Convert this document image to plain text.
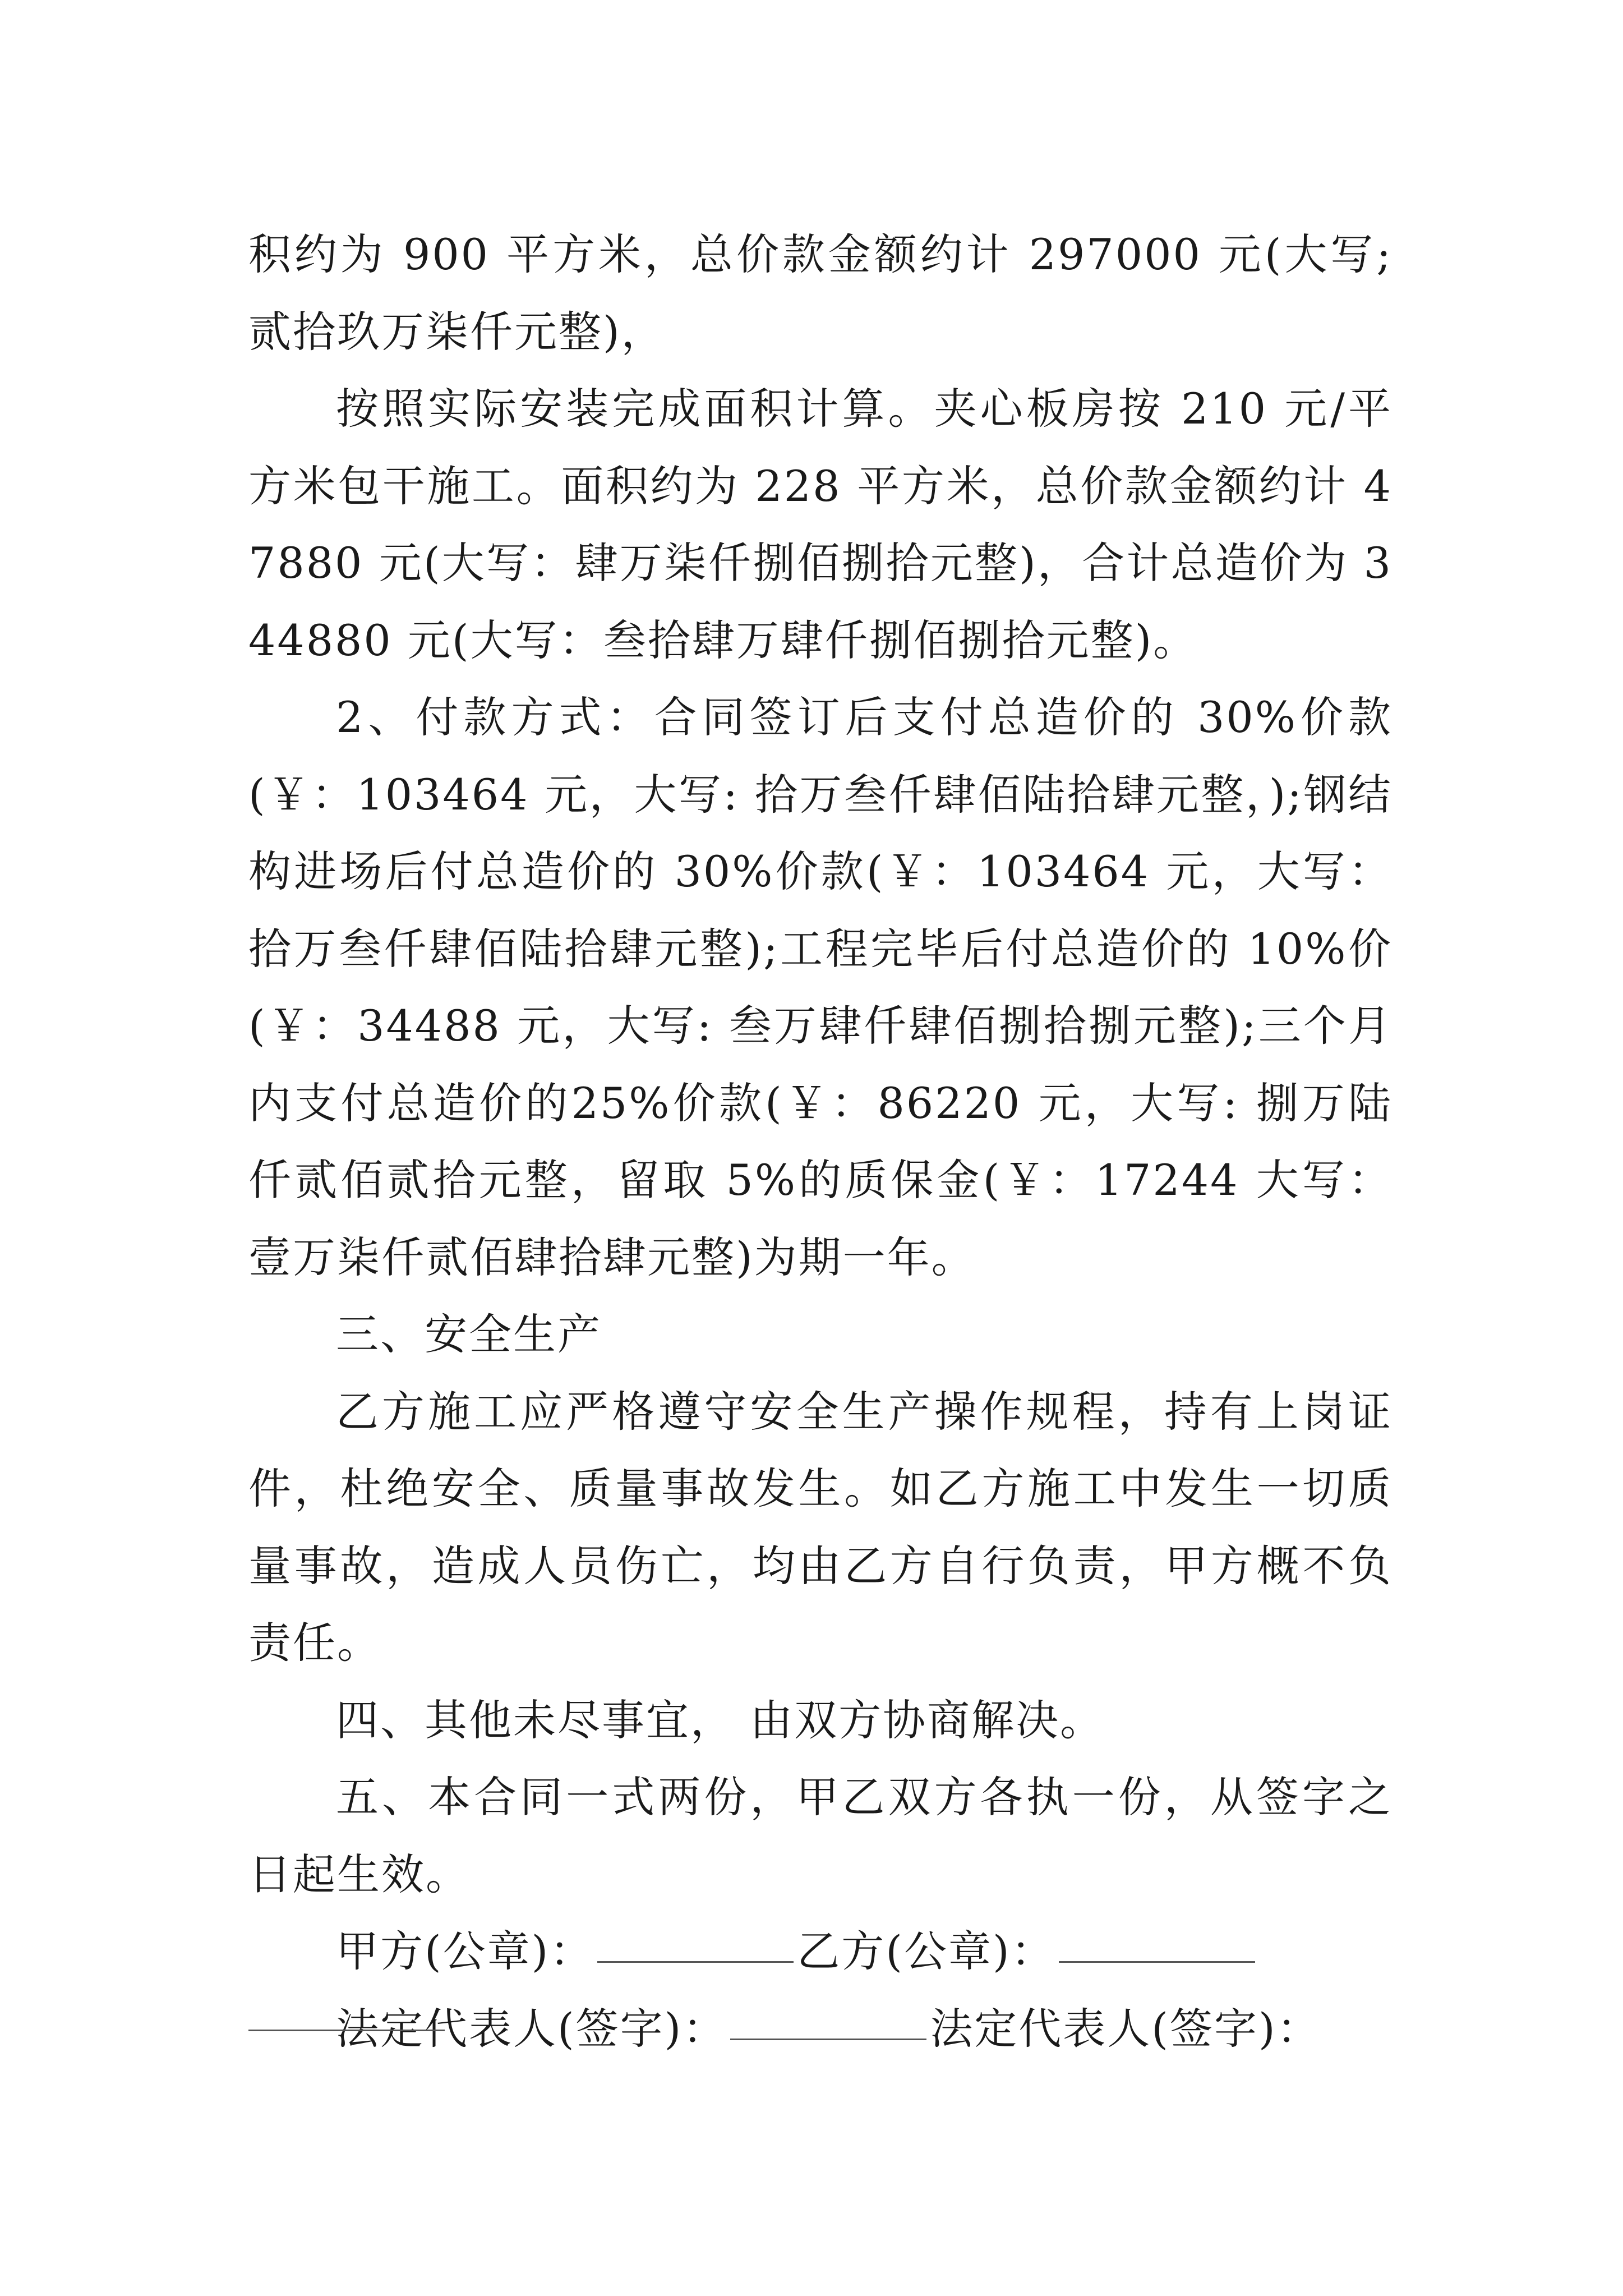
积约为 900 平方米，总价款金额约计 297000 元(大写;贰拾玖万柒仟元整)，

按照实际安装完成面积计算。夹心板房按 210 元/平方米包干施工。面积约为 228 平方米，总价款金额约计 47880 元(大写：肆万柒仟捌佰捌拾元整)，合计总造价为 344880 元(大写：叁拾肆万肆仟捌佰捌拾元整)。

2、付款方式：合同签订后支付总造价的 30%价款(￥：103464 元，大写: 拾万叁仟肆佰陆拾肆元整，);钢结构进场后付总造价的 30%价款(￥：103464 元，大写：拾万叁仟肆佰陆拾肆元整);工程完毕后付总造价的 10%价(￥：34488 元，大写: 叁万肆仟肆佰捌拾捌元整);三个月内支付总造价的25%价款(￥：86220 元，大写: 捌万陆仟贰佰贰拾元整，留取 5%的质保金(￥：17244 大写：壹万柒仟贰佰肆拾肆元整)为期一年。

三、安全生产

乙方施工应严格遵守安全生产操作规程，持有上岗证件，杜绝安全、质量事故发生。如乙方施工中发生一切质量事故，造成人员伤亡，均由乙方自行负责，甲方概不负责任。

四、其他未尽事宜， 由双方协商解决。

五、本合同一式两份，甲乙双方各执一份，从签字之日起生效。

甲方(公章)：	乙方(公章)：

法定代表人(签字)：	法定代表人(签字)：
